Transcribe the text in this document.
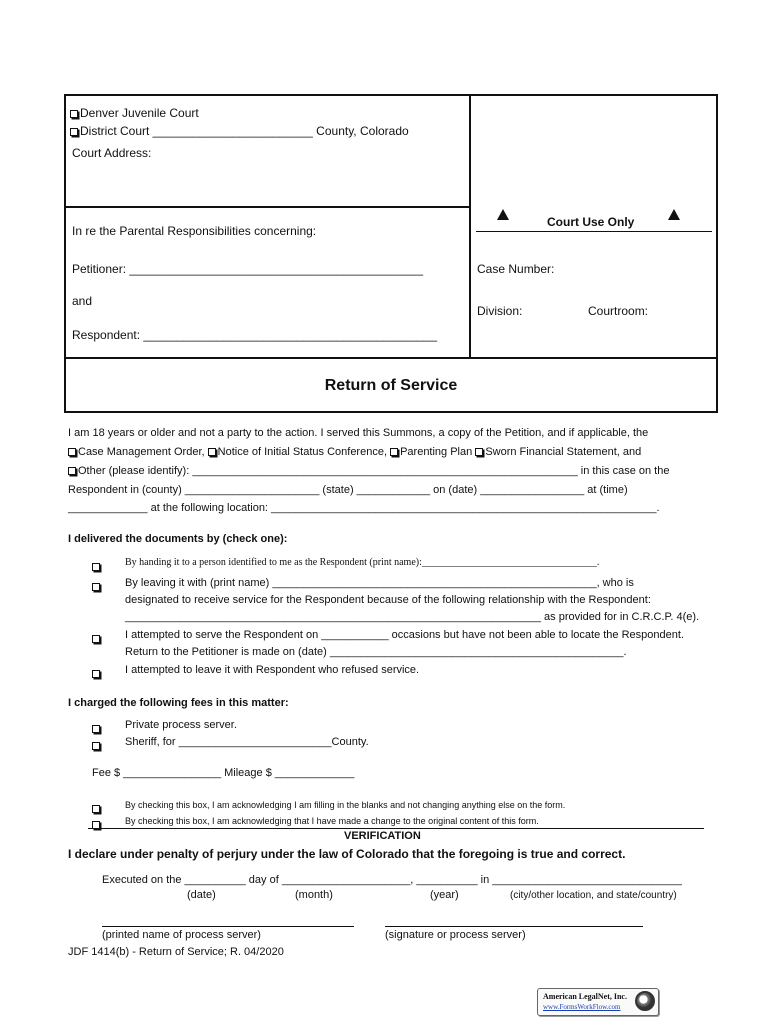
Denver Juvenile Court
District Court ________________________ County, Colorado
Court Address:
In re the Parental Responsibilities concerning:
Petitioner: ____________________________________________
and
Respondent: ____________________________________________
Court Use Only
Case Number:
Division:	Courtroom:
Return of Service
I am 18 years or older and not a party to the action. I served this Summons, a copy of the Petition, and if applicable, the
Case Management Order, Notice of Initial Status Conference, Parenting Plan Sworn Financial Statement, and
Other (please identify): _______________________________________________________________ in this case on the
Respondent in (county) ______________________ (state) ____________ on (date) _________________ at (time)
_____________ at the following location: _______________________________________________________________.
I delivered the documents by (check one):
By handing it to a person identified to me as the Respondent (print name):___________________________________.
By leaving it with (print name) _____________________________________________________, who is
designated to receive service for the Respondent because of the following relationship with the Respondent:
____________________________________________________________________ as provided for in C.R.C.P. 4(e).
I attempted to serve the Respondent on ___________ occasions but have not been able to locate the Respondent.
Return to the Petitioner is made on (date) ________________________________________________.
I attempted to leave it with Respondent who refused service.
I charged the following fees in this matter:
Private process server.
Sheriff, for _________________________County.
Fee $ ________________ Mileage $ _____________
By checking this box, I am acknowledging I am filling in the blanks and not changing anything else on the form.
By checking this box, I am acknowledging that I have made a change to the original content of this form.
VERIFICATION
I declare under penalty of perjury under the law of Colorado that the foregoing is true and correct.
Executed on the __________ day of _____________________, __________ in _______________________________
(date)	(month)	(year)	(city/other location, and state/country)
(printed name of process server)	(signature or process server)
JDF 1414(b) - Return of Service; R. 04/2020
American LegalNet, Inc.
www.FormsWorkFlow.com
